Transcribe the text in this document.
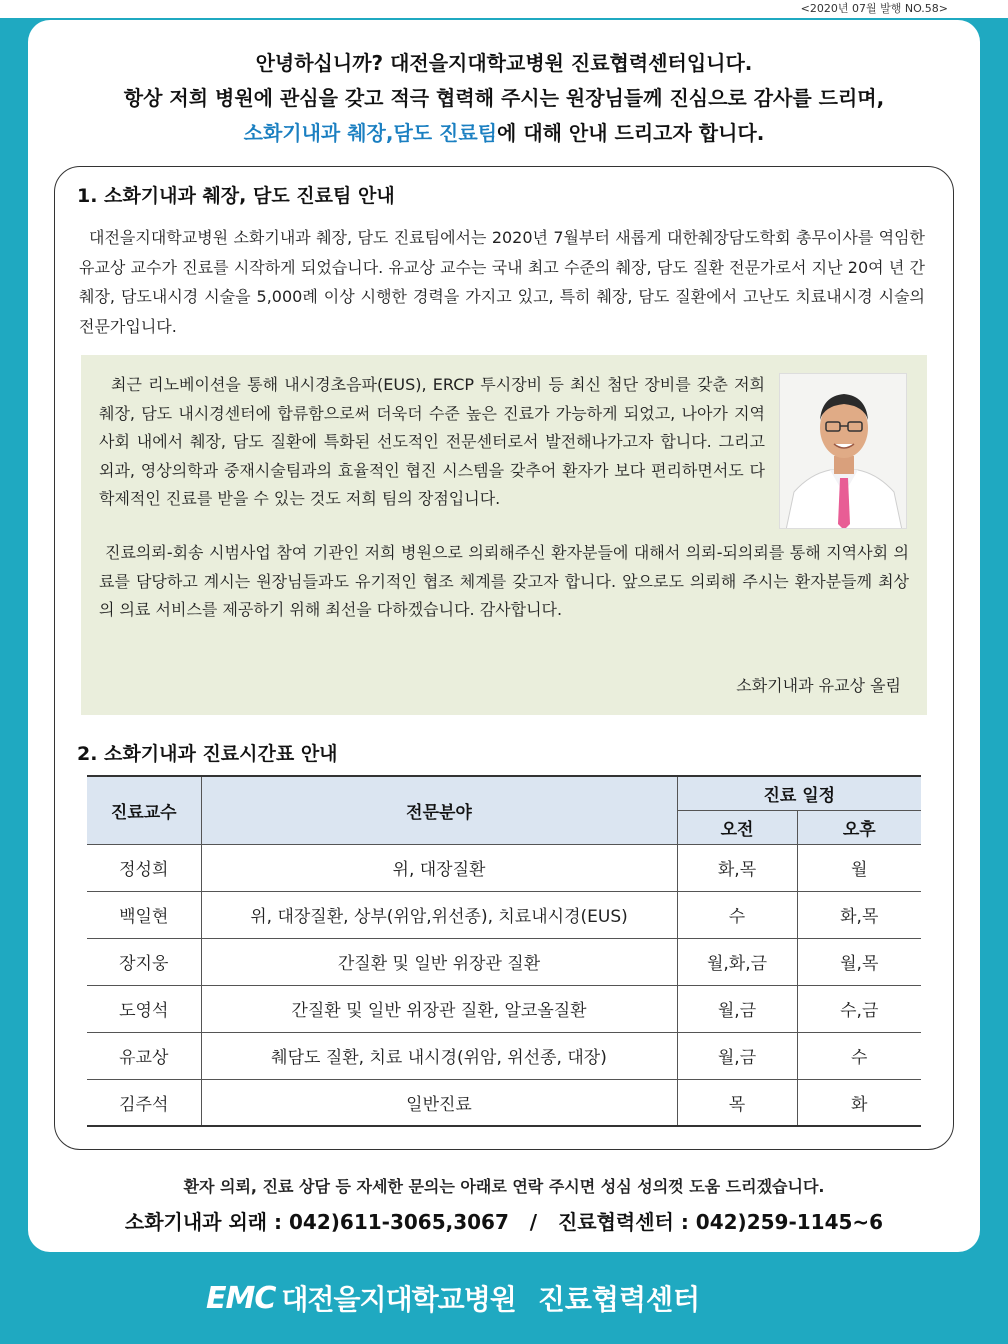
<2020년 07월 발행 NO.58>
안녕하십니까? 대전을지대학교병원 진료협력센터입니다.
항상 저희 병원에 관심을 갖고 적극 협력해 주시는 원장님들께 진심으로 감사를 드리며,
소화기내과 췌장,담도 진료팀에 대해 안내 드리고자 합니다.
1. 소화기내과 췌장, 담도 진료팀 안내
대전을지대학교병원 소화기내과 췌장, 담도 진료팀에서는 2020년 7월부터 새롭게 대한췌장담도학회 총무이사를 역임한 유교상 교수가 진료를 시작하게 되었습니다. 유교상 교수는 국내 최고 수준의 췌장, 담도 질환 전문가로서 지난 20여 년 간 췌장, 담도내시경 시술을 5,000례 이상 시행한 경력을 가지고 있고, 특히 췌장, 담도 질환에서 고난도 치료내시경 시술의 전문가입니다.
최근 리노베이션을 통해 내시경초음파(EUS), ERCP 투시장비 등 최신 첨단 장비를 갖춘 저희 췌장, 담도 내시경센터에 합류함으로써 더욱더 수준 높은 진료가 가능하게 되었고, 나아가 지역사회 내에서 췌장, 담도 질환에 특화된 선도적인 전문센터로서 발전해나가고자 합니다. 그리고 외과, 영상의학과 중재시술팀과의 효율적인 협진 시스템을 갖추어 환자가 보다 편리하면서도 다학제적인 진료를 받을 수 있는 것도 저희 팀의 장점입니다.
진료의뢰-회송 시범사업 참여 기관인 저희 병원으로 의뢰해주신 환자분들에 대해서 의뢰-되의뢰를 통해 지역사회 의료를 담당하고 계시는 원장님들과도 유기적인 협조 체계를 갖고자 합니다. 앞으로도 의뢰해 주시는 환자분들께 최상의 의료 서비스를 제공하기 위해 최선을 다하겠습니다. 감사합니다.
소화기내과 유교상 올림
2. 소화기내과 진료시간표 안내
진료교수	전문분야	진료 일정	
		오전	오후
정성희	위, 대장질환	화,목	월
백일현	위, 대장질환, 상부(위암,위선종), 치료내시경(EUS)	수	화,목
장지웅	간질환 및 일반 위장관 질환	월,화,금	월,목
도영석	간질환 및 일반 위장관 질환, 알코올질환	월,금	수,금
유교상	췌담도 질환, 치료 내시경(위암, 위선종, 대장)	월,금	수
김주석	일반진료	목	화
환자 의뢰, 진료 상담 등 자세한 문의는 아래로 연락 주시면 성심 성의껏 도움 드리겠습니다.
소화기내과 외래 : 042)611-3065,3067   /   진료협력센터 : 042)259-1145~6
EMC 대전을지대학교병원 진료협력센터
